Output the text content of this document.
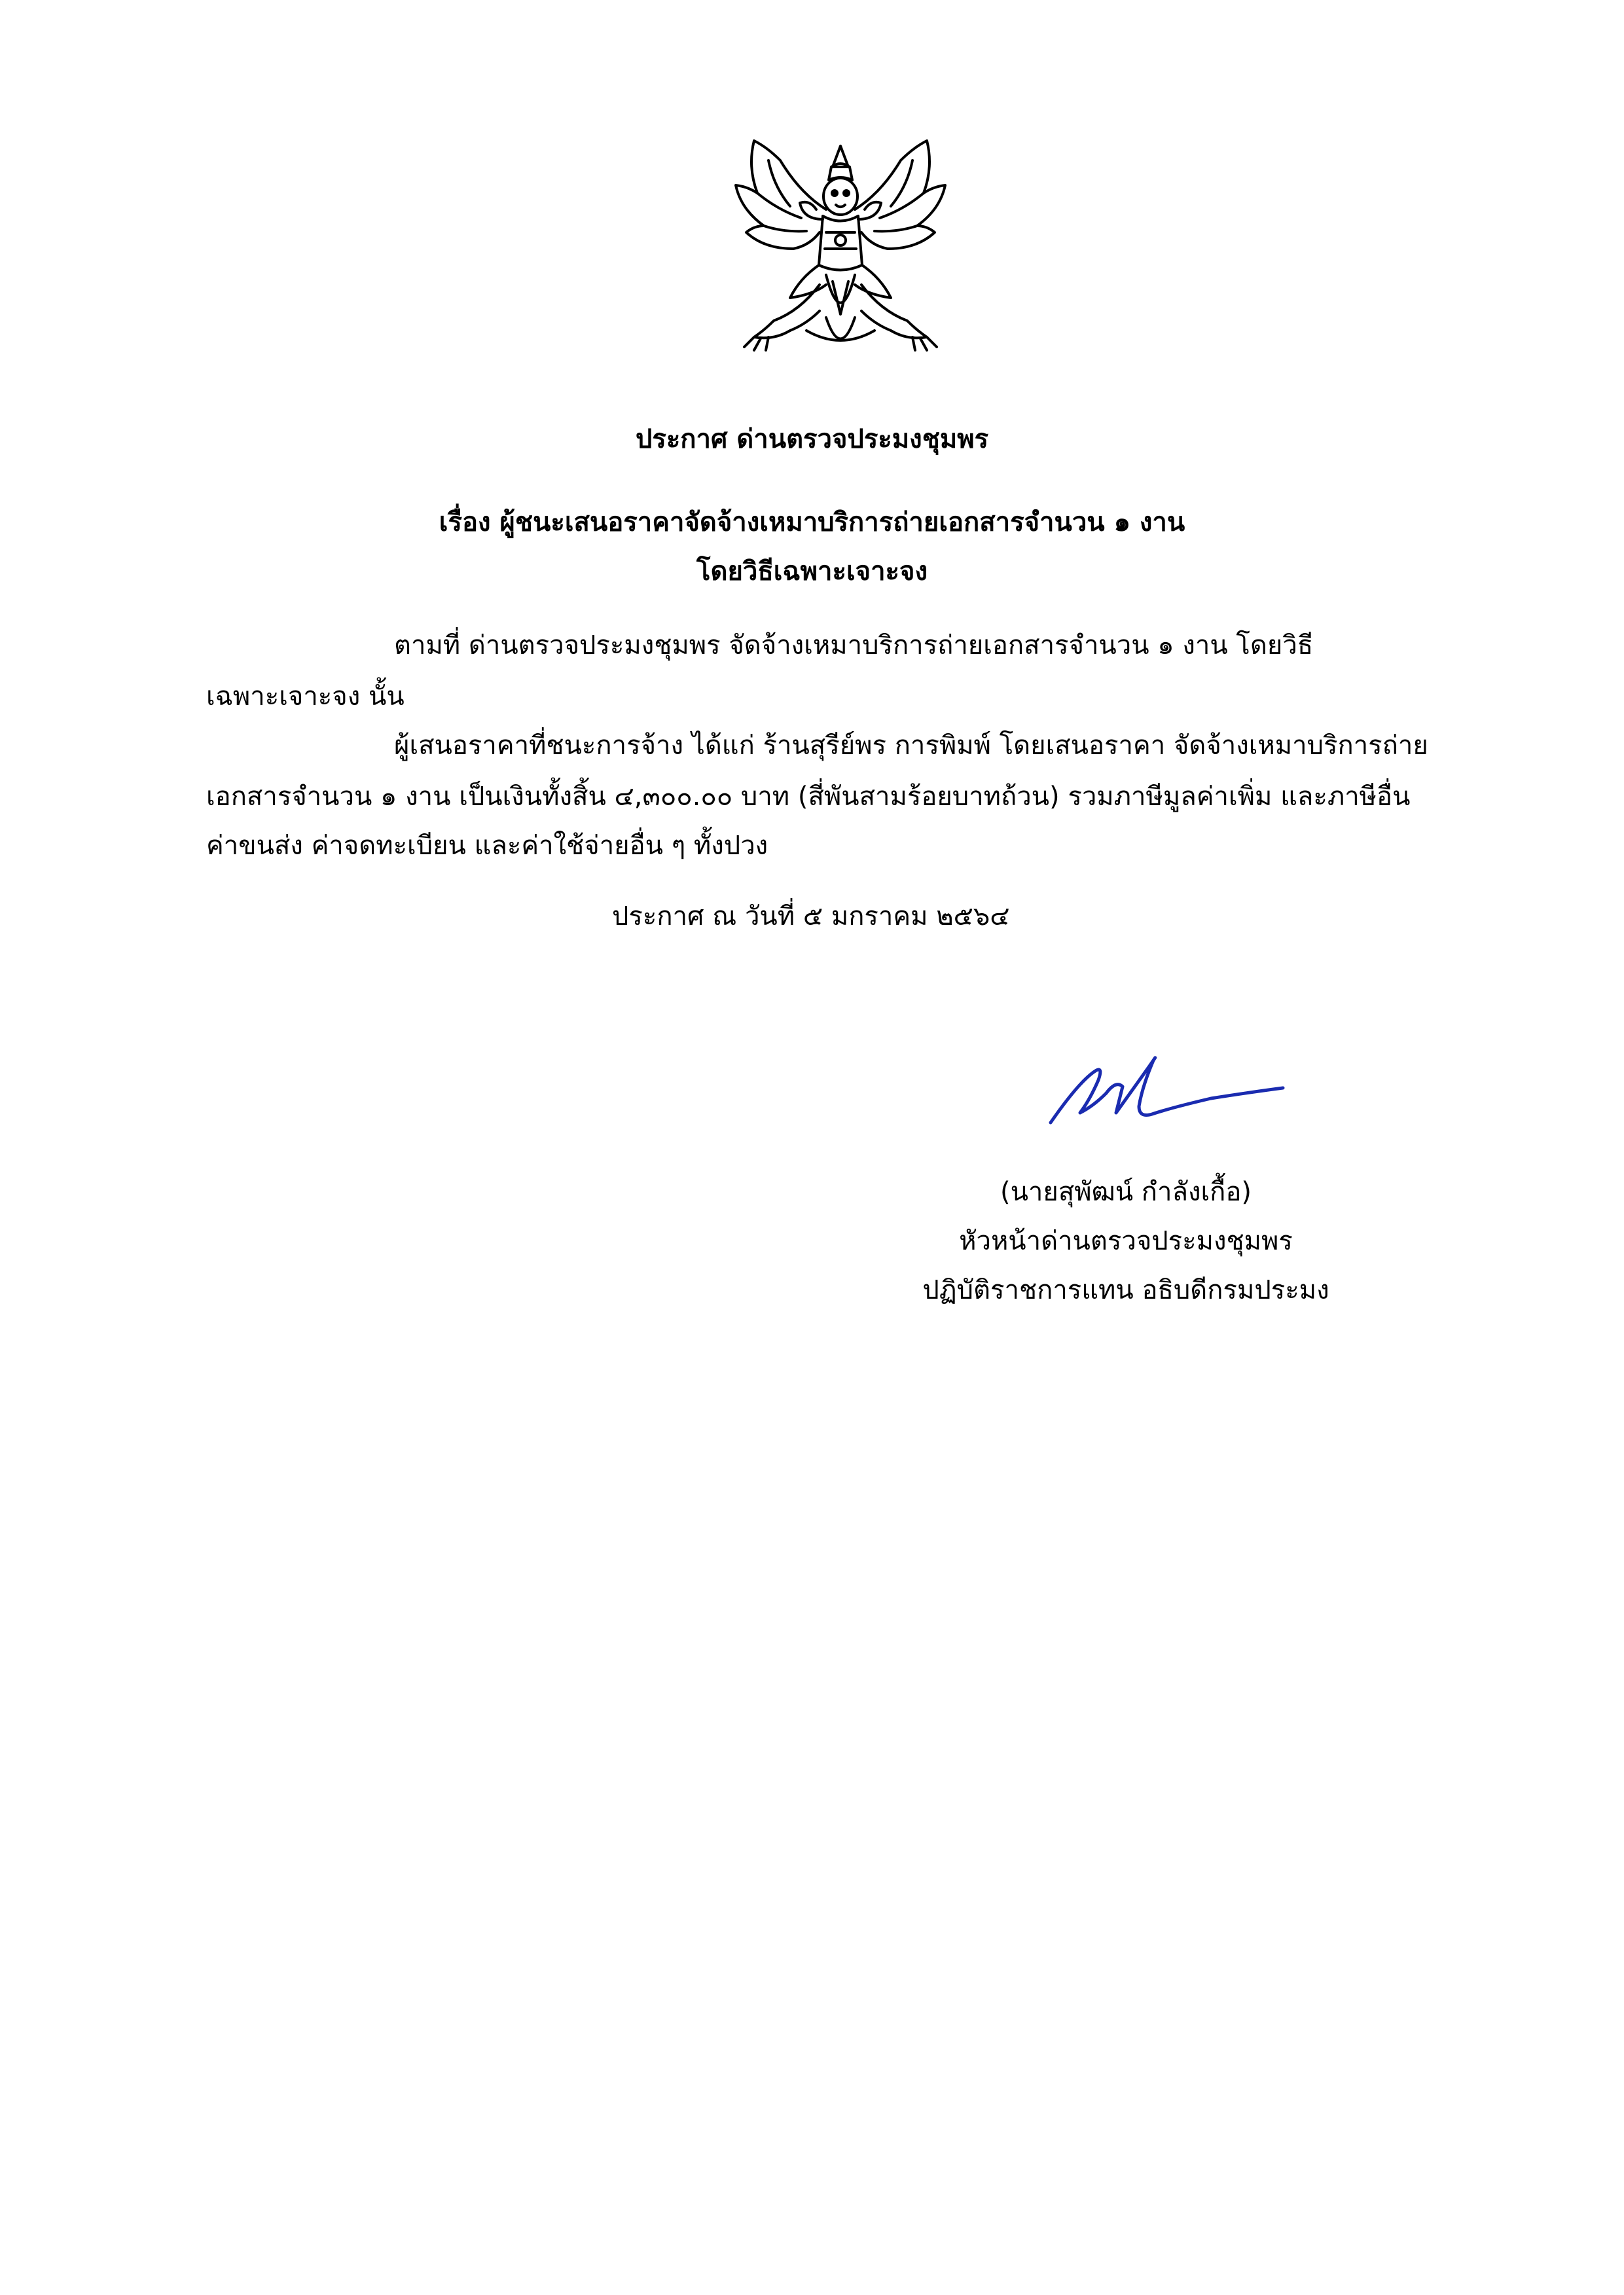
ประกาศ ด่านตรวจประมงชุมพร
เรื่อง ผู้ชนะเสนอราคาจัดจ้างเหมาบริการถ่ายเอกสารจำนวน ๑ งาน
โดยวิธีเฉพาะเจาะจง
ตามที่ ด่านตรวจประมงชุมพร จัดจ้างเหมาบริการถ่ายเอกสารจำนวน ๑ งาน โดยวิธี
เฉพาะเจาะจง นั้น
ผู้เสนอราคาที่ชนะการจ้าง ได้แก่ ร้านสุรีย์พร การพิมพ์ โดยเสนอราคา จัดจ้างเหมาบริการถ่าย
เอกสารจำนวน ๑ งาน เป็นเงินทั้งสิ้น ๔,๓๐๐.๐๐ บาท (สี่พันสามร้อยบาทถ้วน) รวมภาษีมูลค่าเพิ่ม และภาษีอื่น
ค่าขนส่ง ค่าจดทะเบียน และค่าใช้จ่ายอื่น ๆ ทั้งปวง
ประกาศ ณ วันที่ ๕ มกราคม ๒๕๖๔
(นายสุพัฒน์ กำลังเกื้อ)
หัวหน้าด่านตรวจประมงชุมพร
ปฏิบัติราชการแทน อธิบดีกรมประมง
